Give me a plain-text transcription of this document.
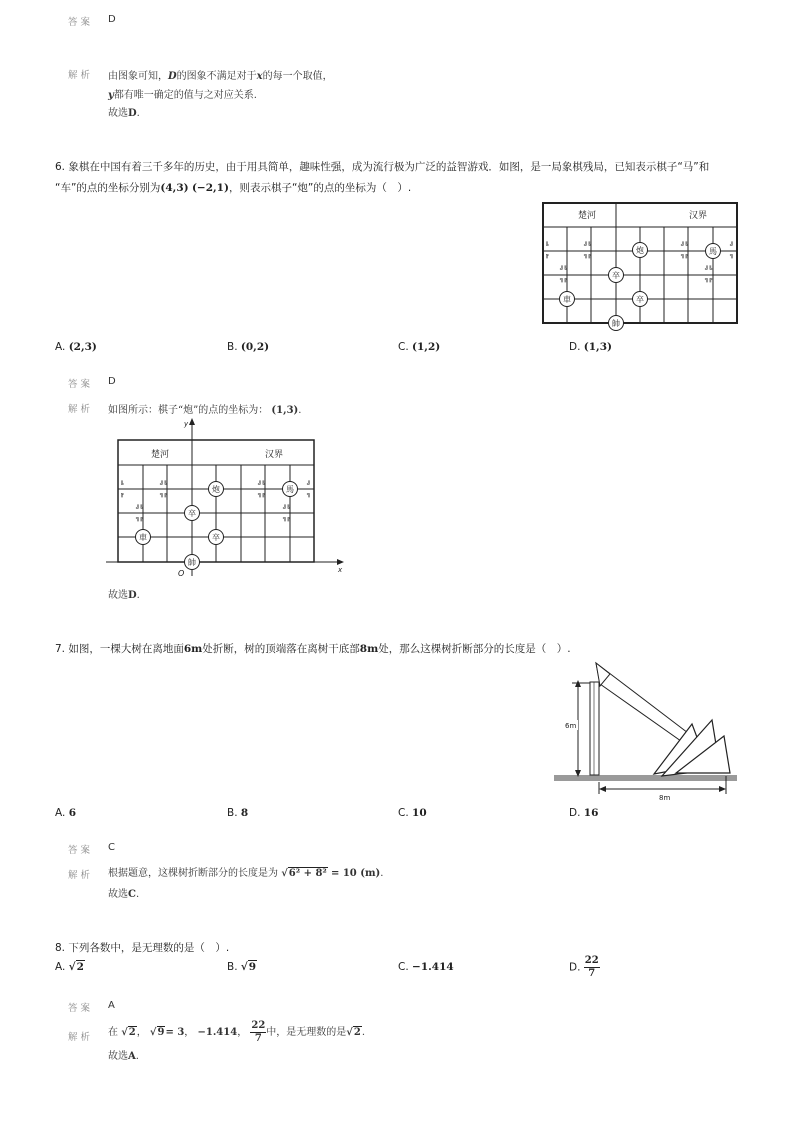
答案 D
解析 由图象可知，D的图象不满足对于x的每一个取值，
y都有唯一确定的值与之对应关系.
故选D.
6. 象棋在中国有着三千多年的历史，由于用具简单，趣味性强，成为流行极为广泛的益智游戏．如图，是一局象棋残局，已知表示棋子“马”和
“车”的点的坐标分别为(4,3) (−2,1)，则表示棋子“炮”的点的坐标为（　）.
楚河	汉界
╚
╔
╝╚
╗╔
╝╚
╗╔
╝╚
╗╔
╝╚
╗╔
╝
╗
炮	馬
卒
車	卒
帥
A. (2,3)	B. (0,2)	C. (1,2)	D. (1,3)
答案 D
解析 如图所示：棋子“炮”的点的坐标为： (1,3).
y
x
O
楚河	汉界
╚
╔
╝╚
╗╔
╝╚
╗╔
╝╚
╗╔
╝╚
╗╔
╝
╗
炮	馬
卒
車	卒
帥
故选D.
7. 如图，一棵大树在离地面6m处折断，树的顶端落在离树干底部8m处，那么这棵树折断部分的长度是（　）.
6m
8m
A. 6	B. 8	C. 10	D. 16
答案 C
解析 根据题意，这棵树折断部分的长度是为 √6² + 8² = 10 (m).
故选C.
8. 下列各数中，是无理数的是（　）.
A. √2	B. √9	C. −1.414	D. $\frac{22}{7}$
答案 A
解析 在 √2， √9= 3， −1.414， $\frac{22}{7}$ 中，是无理数的是√2.
故选A.
